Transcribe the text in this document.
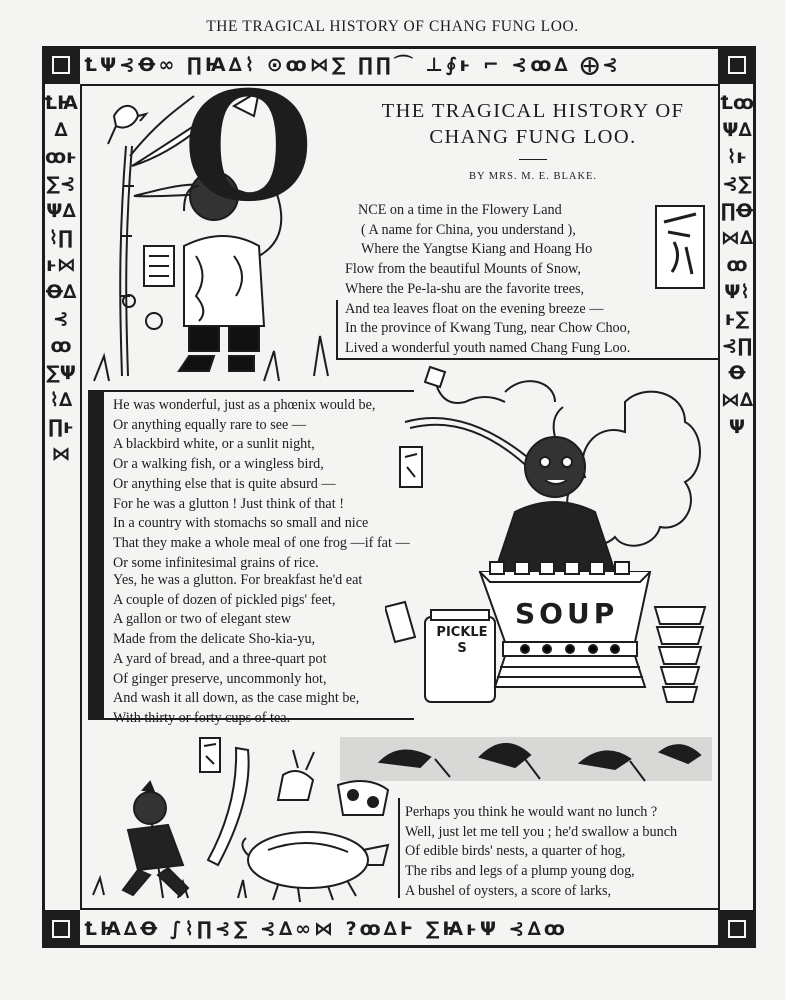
THE TRAGICAL HISTORY OF CHANG FUNG LOO.
ꝈΨ⊰Ꝋ∞ ∏Ꙗ∆⌇ ⊙ꝏ⋈∑ ∏∏⌒ ⊥∮ⱶ ⌐ ⊰ꝏ∆ ⨁⊰
ꝈꙖ∆Ꝋ ∫⌇∏⊰∑ ⊰∆∞⋈ ?ꝏ∆Ⱶ ∑ꙖⱶΨ ⊰∆ꝏ
ꝈꙖ∆ꝏⱶ∑⊰Ψ∆⌇∏ⱶ⋈Ꝋ∆⊰ꝏ∑Ψ⌇∆∏ⱶ⋈
ꝈꝏΨ∆⌇ⱶ⊰∑∏Ꝋ⋈∆ꝏΨ⌇ⱶ∑⊰∏Ꝋ⋈∆Ψ
O	THE TRAGICAL HISTORY OF
CHANG FUNG LOO.
BY MRS. M. E. BLAKE.
NCE on a time in the Flowery Land
( A name for China, you understand ),
Where the Yangtse Kiang and Hoang Ho
Flow from the beautiful Mounts of Snow,
Where the Pe-la-shu are the favorite trees,
And tea leaves float on the evening breeze —
In the province of Kwang Tung, near Chow Choo,
Lived a wonderful youth named Chang Fung Loo.
He was wonderful, just as a phœnix would be,
Or anything equally rare to see —
A blackbird white, or a sunlit night,
Or a walking fish, or a wingless bird,
Or anything else that is quite absurd —
For he was a glutton ! Just think of that !
In a country with stomachs so small and nice
That they make a whole meal of one frog —if fat —
Or some infinitesimal grains of rice.
Yes, he was a glutton. For breakfast he'd eat
A couple of dozen of pickled pigs' feet,
A gallon or two of elegant stew
Made from the delicate Sho-kia-yu,
A yard of bread, and a three-quart pot
Of ginger preserve, uncommonly hot,
And wash it all down, as the case might be,
With thirty or forty cups of tea.
SOUP
PICKLES
Perhaps you think he would want no lunch ?
Well, just let me tell you ; he'd swallow a bunch
Of edible birds' nests, a quarter of hog,
The ribs and legs of a plump young dog,
A bushel of oysters, a score of larks,
